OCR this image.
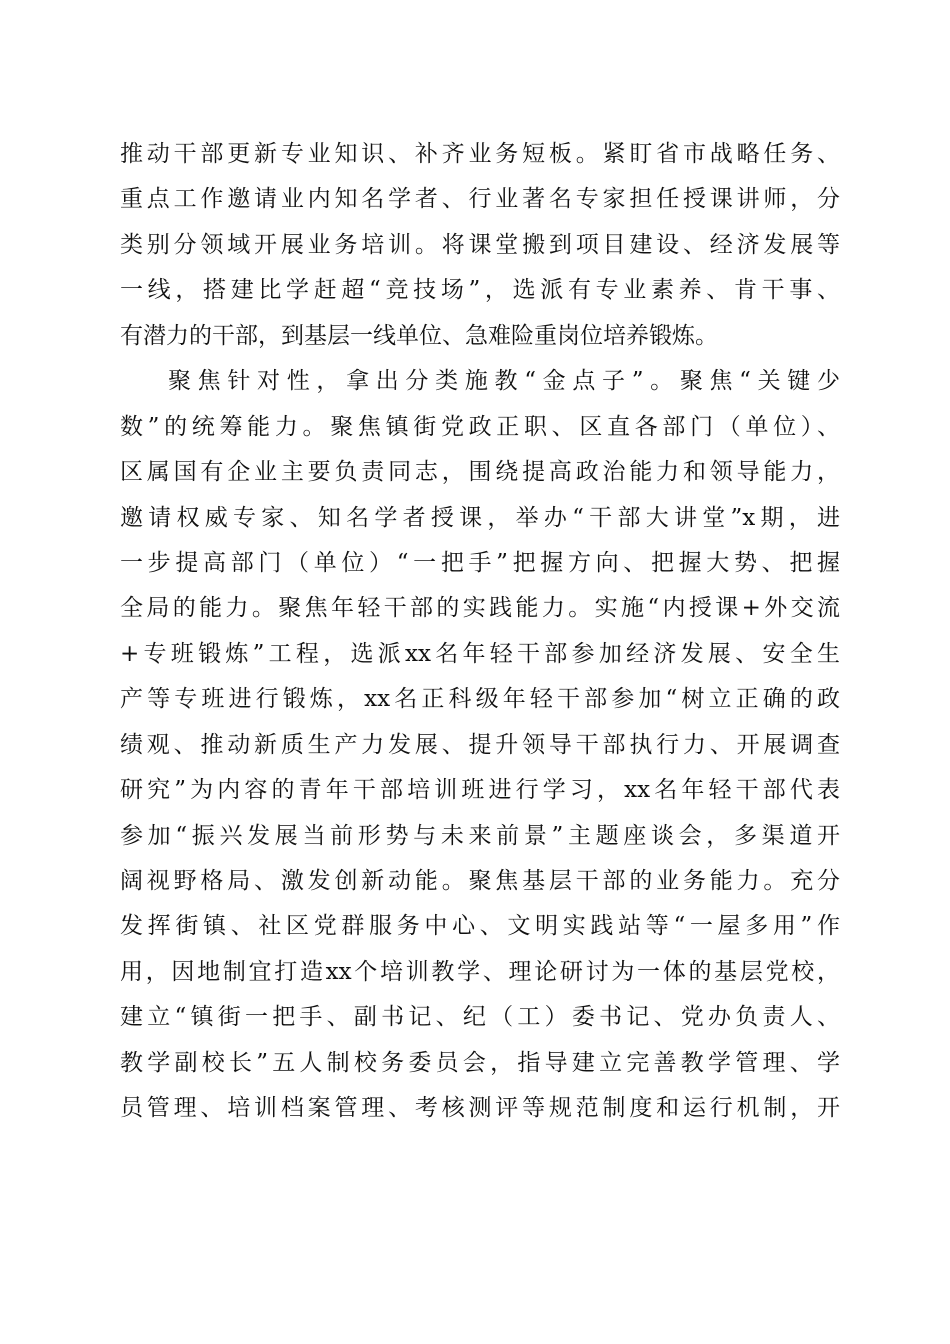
推动干部更新专业知识、补齐业务短板。紧盯省市战略任务、
重点工作邀请业内知名学者、行业著名专家担任授课讲师，分
类别分领域开展业务培训。将课堂搬到项目建设、经济发展等
一线，搭建比学赶超“竞技场”，选派有专业素养、肯干事、
有潜力的干部，到基层一线单位、急难险重岗位培养锻炼。
聚焦针对性，拿出分类施教“金点子”。聚焦“关键少
数”的统筹能力。聚焦镇街党政正职、区直各部门（单位）、
区属国有企业主要负责同志，围绕提高政治能力和领导能力，
邀请权威专家、知名学者授课，举办“干部大讲堂”x期，进
一步提高部门（单位）“一把手”把握方向、把握大势、把握
全局的能力。聚焦年轻干部的实践能力。实施“内授课+外交流
+专班锻炼”工程，选派xx名年轻干部参加经济发展、安全生
产等专班进行锻炼，xx名正科级年轻干部参加“树立正确的政
绩观、推动新质生产力发展、提升领导干部执行力、开展调查
研究”为内容的青年干部培训班进行学习，xx名年轻干部代表
参加“振兴发展当前形势与未来前景”主题座谈会，多渠道开
阔视野格局、激发创新动能。聚焦基层干部的业务能力。充分
发挥街镇、社区党群服务中心、文明实践站等“一屋多用”作
用，因地制宜打造xx个培训教学、理论研讨为一体的基层党校，
建立“镇街一把手、副书记、纪（工）委书记、党办负责人、
教学副校长”五人制校务委员会，指导建立完善教学管理、学
员管理、培训档案管理、考核测评等规范制度和运行机制，开
